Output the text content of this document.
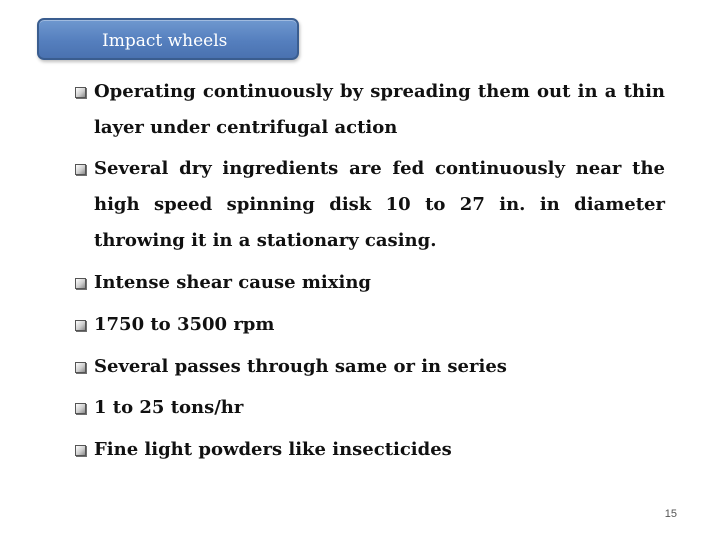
Impact wheels
Operating continuously by spreading them out in a thin layer under centrifugal action
Several dry ingredients are fed continuously near the high speed spinning disk 10 to 27 in. in diameter throwing it in a stationary casing.
Intense shear cause mixing
1750 to 3500 rpm
Several passes through same or in series
1 to 25 tons/hr
Fine light powders like insecticides
15
